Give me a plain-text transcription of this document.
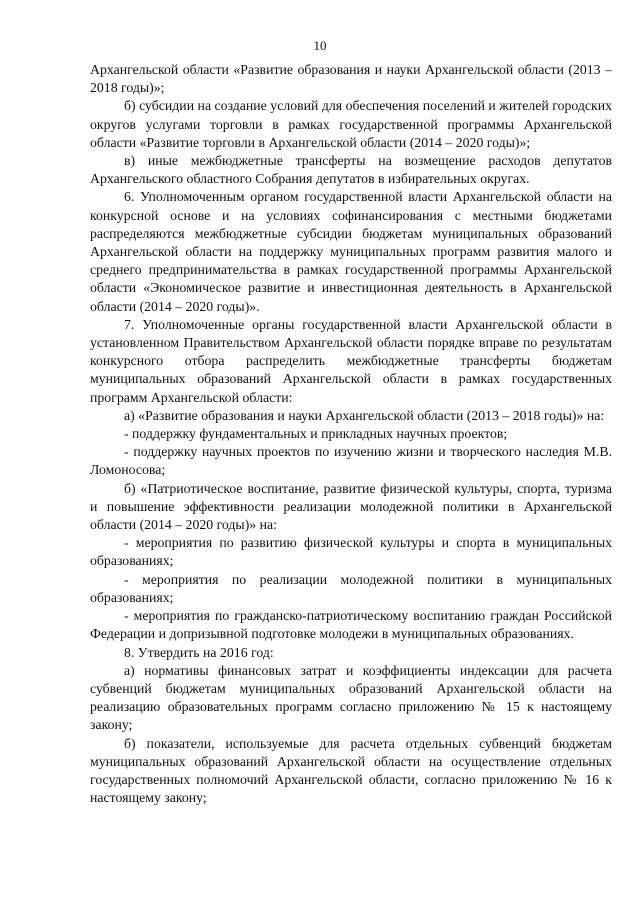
10

Архангельской области «Развитие образования и науки Архангельской области (2013 – 2018 годы)»;

б) субсидии на создание условий для обеспечения поселений и жителей городских округов услугами торговли в рамках государственной программы Архангельской области «Развитие торговли в Архангельской области (2014 – 2020 годы)»;

в) иные межбюджетные трансферты на возмещение расходов депутатов Архангельского областного Собрания депутатов в избирательных округах.

6. Уполномоченным органом государственной власти Архангельской области на конкурсной основе и на условиях софинансирования с местными бюджетами распределяются межбюджетные субсидии бюджетам муниципальных образований Архангельской области на поддержку муниципальных программ развития малого и среднего предпринимательства в рамках государственной программы Архангельской области «Экономическое развитие и инвестиционная деятельность в Архангельской области (2014 – 2020 годы)».

7. Уполномоченные органы государственной власти Архангельской области в установленном Правительством Архангельской области порядке вправе по результатам конкурсного отбора распределить межбюджетные трансферты бюджетам муниципальных образований Архангельской области в рамках государственных программ Архангельской области:

а) «Развитие образования и науки Архангельской области (2013 – 2018 годы)» на:

- поддержку фундаментальных и прикладных научных проектов;

- поддержку научных проектов по изучению жизни и творческого наследия М.В. Ломоносова;

б) «Патриотическое воспитание, развитие физической культуры, спорта, туризма и повышение эффективности реализации молодежной политики в Архангельской области (2014 – 2020 годы)» на:

- мероприятия по развитию физической культуры и спорта в муниципальных образованиях;

- мероприятия по реализации молодежной политики в муниципальных образованиях;

- мероприятия по гражданско-патриотическому воспитанию граждан Российской Федерации и допризывной подготовке молодежи в муниципальных образованиях.

8. Утвердить на 2016 год:

а) нормативы финансовых затрат и коэффициенты индексации для расчета субвенций бюджетам муниципальных образований Архангельской области на реализацию образовательных программ согласно приложению № 15 к настоящему закону;

б) показатели, используемые для расчета отдельных субвенций бюджетам муниципальных образований Архангельской области на осуществление отдельных государственных полномочий Архангельской области, согласно приложению № 16 к настоящему закону;
